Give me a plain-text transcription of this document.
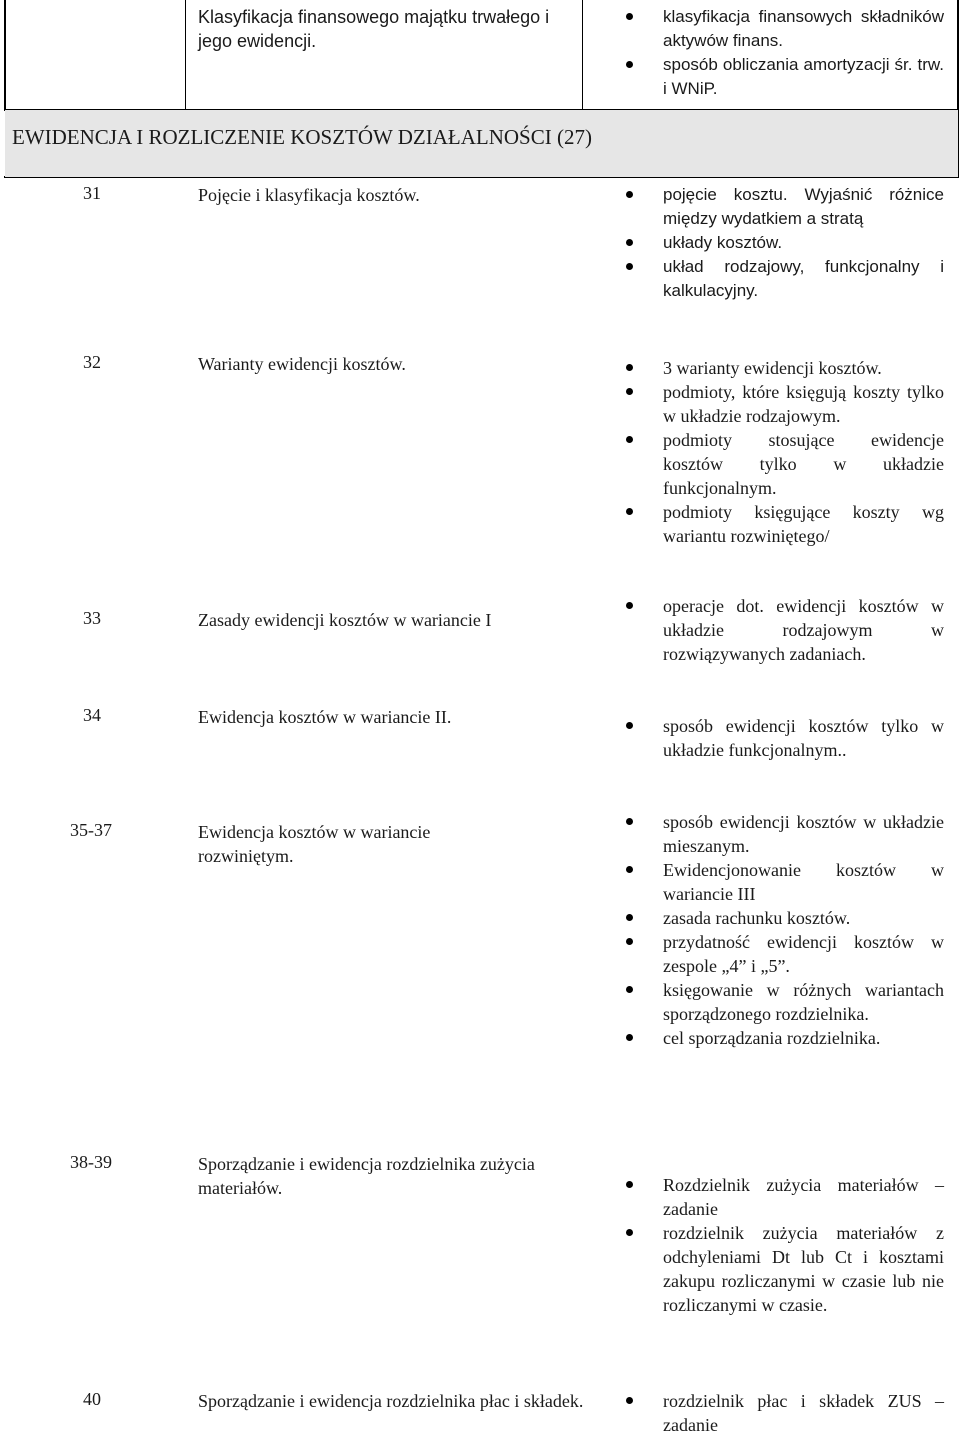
Klasyfikacja finansowego majątku trwałego i jego ewidencji.
klasyfikacja finansowych składników aktywów finans.
sposób obliczania amortyzacji śr. trw. i WNiP.
EWIDENCJA I ROZLICZENIE KOSZTÓW DZIAŁALNOŚCI (27)
31	Pojęcie i klasyfikacja kosztów.	pojęcie kosztu. Wyjaśnić różnice między wydatkiem a stratą
układy kosztów.
układ rodzajowy, funkcjonalny i kalkulacyjny.
32	Warianty ewidencji kosztów.	3 warianty ewidencji kosztów.
podmioty, które księgują koszty tylko w układzie rodzajowym.
podmioty stosujące ewidencje kosztów tylko w układzie funkcjonalnym.
podmioty księgujące koszty wg wariantu rozwiniętego/
33	Zasady ewidencji kosztów w wariancie I
operacje dot. ewidencji kosztów w układzie rodzajowym w rozwiązywanych zadaniach.
34	Ewidencja kosztów w wariancie II.	sposób ewidencji kosztów tylko w układzie funkcjonalnym..
35-37	Ewidencja kosztów w wariancie rozwiniętym.
sposób ewidencji kosztów w układzie mieszanym.
Ewidencjonowanie kosztów w wariancie III
zasada rachunku kosztów.
przydatność ewidencji kosztów w zespole „4” i „5”.
księgowanie w różnych wariantach sporządzonego rozdzielnika.
cel sporządzania rozdzielnika.
38-39	Sporządzanie i ewidencja rozdzielnika zużycia materiałów.	Rozdzielnik zużycia materiałów – zadanie
rozdzielnik zużycia materiałów z odchyleniami Dt lub Ct i kosztami zakupu rozliczanymi w czasie lub nie rozliczanymi w czasie.
40	Sporządzanie i ewidencja rozdzielnika płac i składek.	rozdzielnik płac i składek ZUS – zadanie
